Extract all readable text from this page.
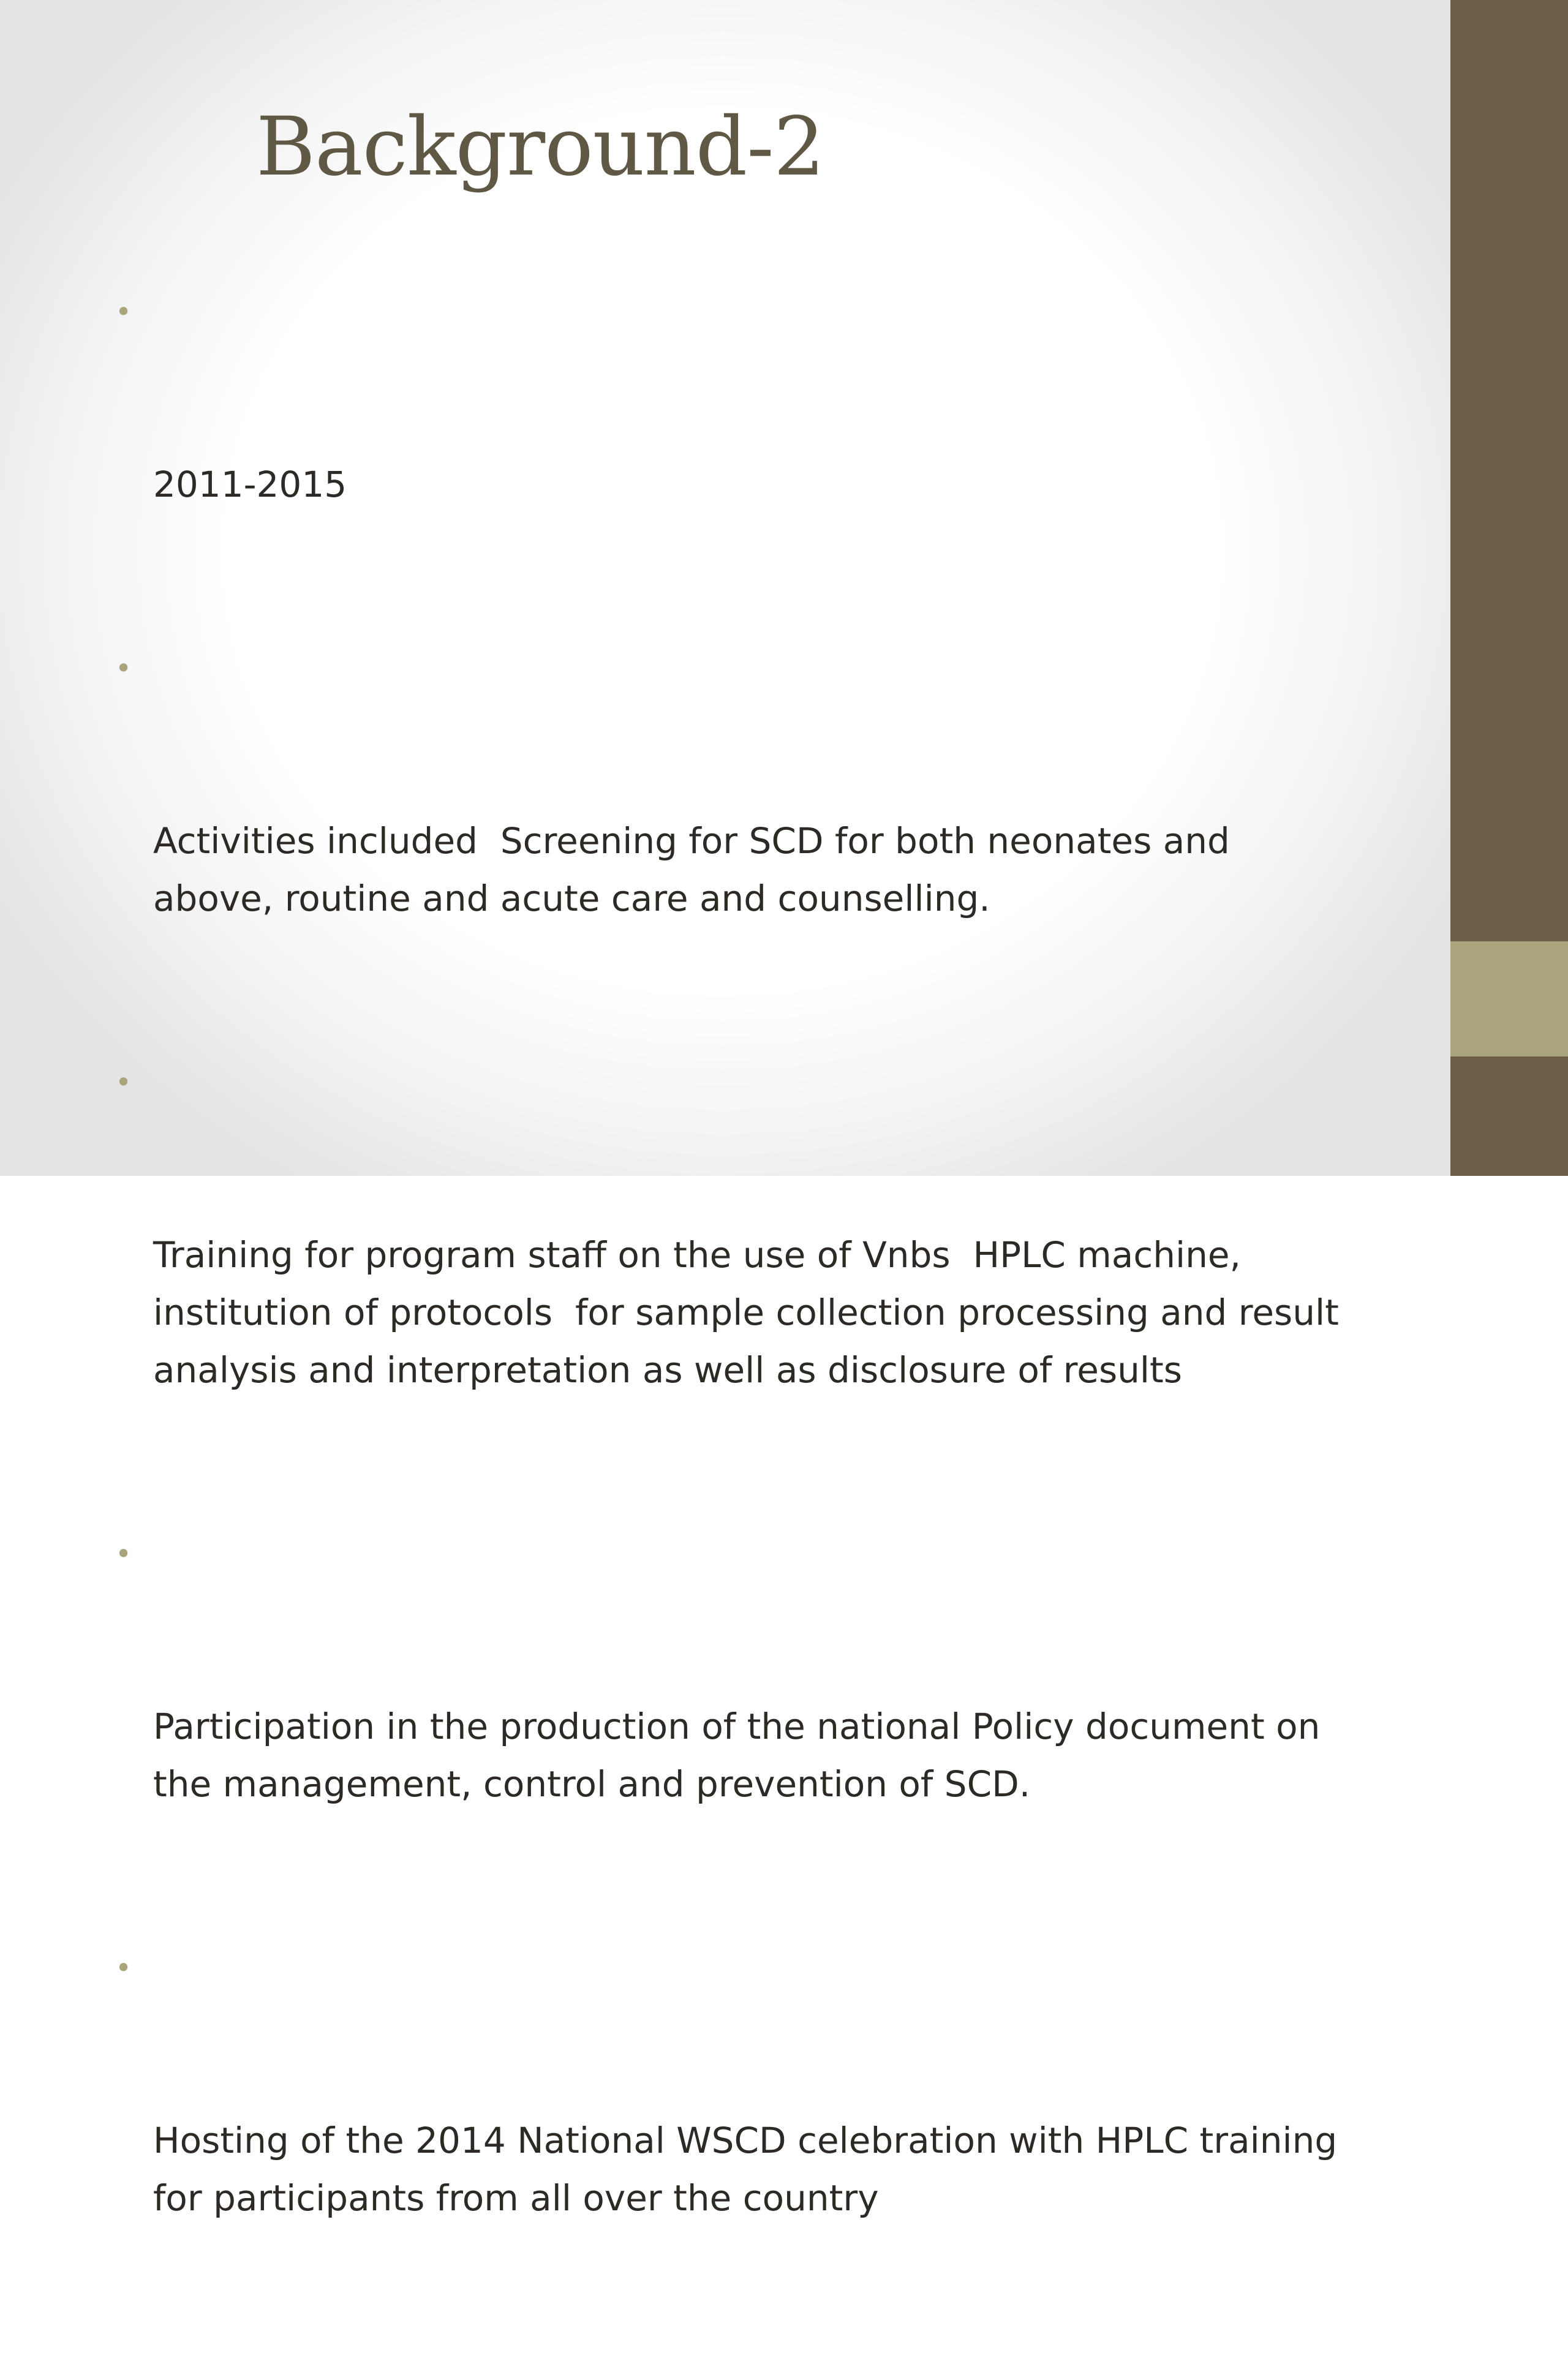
Background-2

•

2011-2015

•

Activities included  Screening for SCD for both neonates and above, routine and acute care and counselling.

•

Training for program staff on the use of Vnbs  HPLC machine, institution of protocols  for sample collection processing and result analysis and interpretation as well as disclosure of results

•

Participation in the production of the national Policy document on the management, control and prevention of SCD.

•

Hosting of the 2014 National WSCD celebration with HPLC training for participants from all over the country
